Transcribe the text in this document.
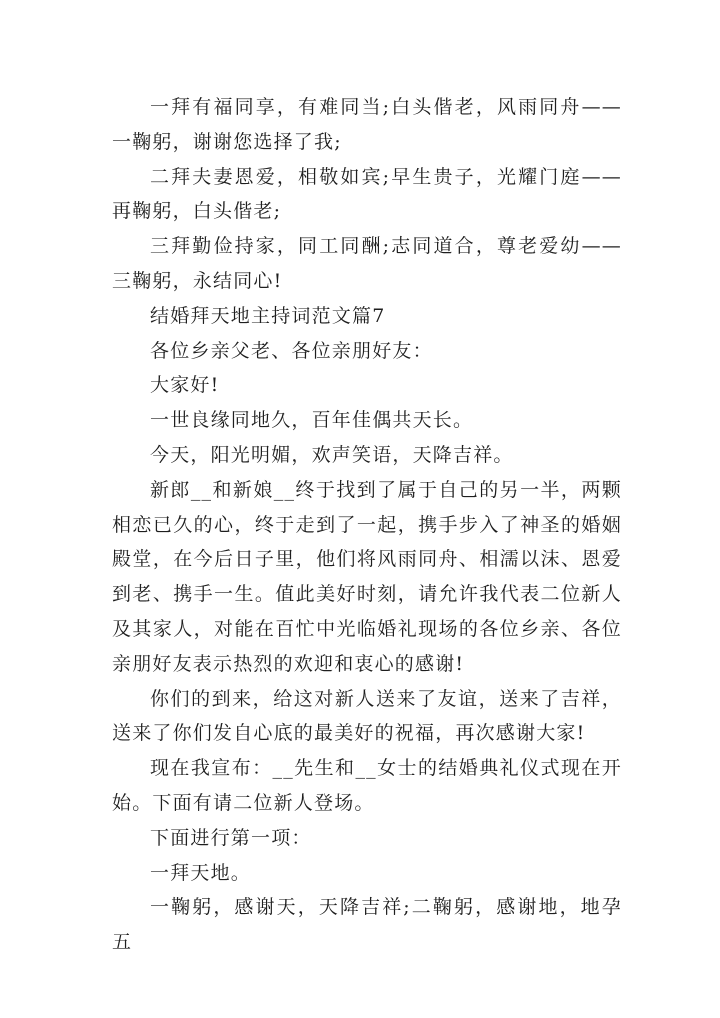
一拜有福同享，有难同当;白头偕老，风雨同舟——一鞠躬，谢谢您选择了我;

二拜夫妻恩爱，相敬如宾;早生贵子，光耀门庭——再鞠躬，白头偕老;

三拜勤俭持家，同工同酬;志同道合，尊老爱幼——三鞠躬，永结同心!

结婚拜天地主持词范文篇7

各位乡亲父老、各位亲朋好友：

大家好!

一世良缘同地久，百年佳偶共天长。

今天，阳光明媚，欢声笑语，天降吉祥。

新郎__和新娘__终于找到了属于自己的另一半，两颗相恋已久的心，终于走到了一起，携手步入了神圣的婚姻殿堂，在今后日子里，他们将风雨同舟、相濡以沫、恩爱到老、携手一生。值此美好时刻，请允许我代表二位新人及其家人，对能在百忙中光临婚礼现场的各位乡亲、各位亲朋好友表示热烈的欢迎和衷心的感谢!

你们的到来，给这对新人送来了友谊，送来了吉祥，送来了你们发自心底的最美好的祝福，再次感谢大家!

现在我宣布：__先生和__女士的结婚典礼仪式现在开始。下面有请二位新人登场。

下面进行第一项：

一拜天地。

一鞠躬，感谢天，天降吉祥;二鞠躬，感谢地，地孕五
